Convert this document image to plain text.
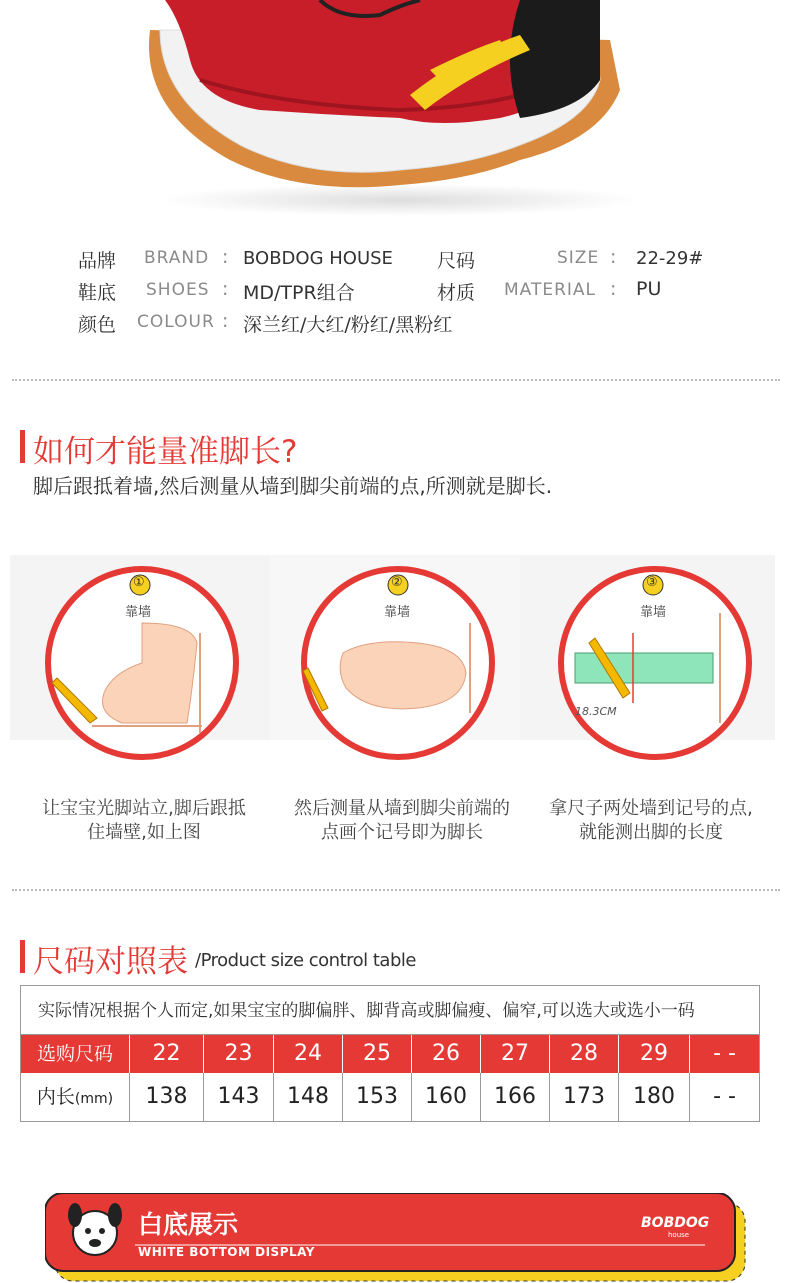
品牌 BRAND : BOBDOG HOUSE 尺码	SIZE : 22-29#
鞋底 SHOES : MD/TPR组合	材质 MATERIAL : PU
颜色 COLOUR : 深兰红/大红/粉红/黑粉红
如何才能量准脚长?
脚后跟抵着墙,然后测量从墙到脚尖前端的点,所测就是脚长.
①
靠墙
②
靠墙
③
靠墙
18.3CM
让宝宝光脚站立,脚后跟抵
住墙壁,如上图
然后测量从墙到脚尖前端的
点画个记号即为脚长
拿尺子两处墙到记号的点,
就能测出脚的长度
尺码对照表 /Product size control table
实际情况根据个人而定,如果宝宝的脚偏胖、脚背高或脚偏瘦、偏窄,可以选大或选小一码
选购尺码	22	23	24	25	26	27	28	29	- -
内长(mm)	138	143	148	153	160	166	173	180	- -
白底展示
WHITE BOTTOM DISPLAY
BOBDOG
house
